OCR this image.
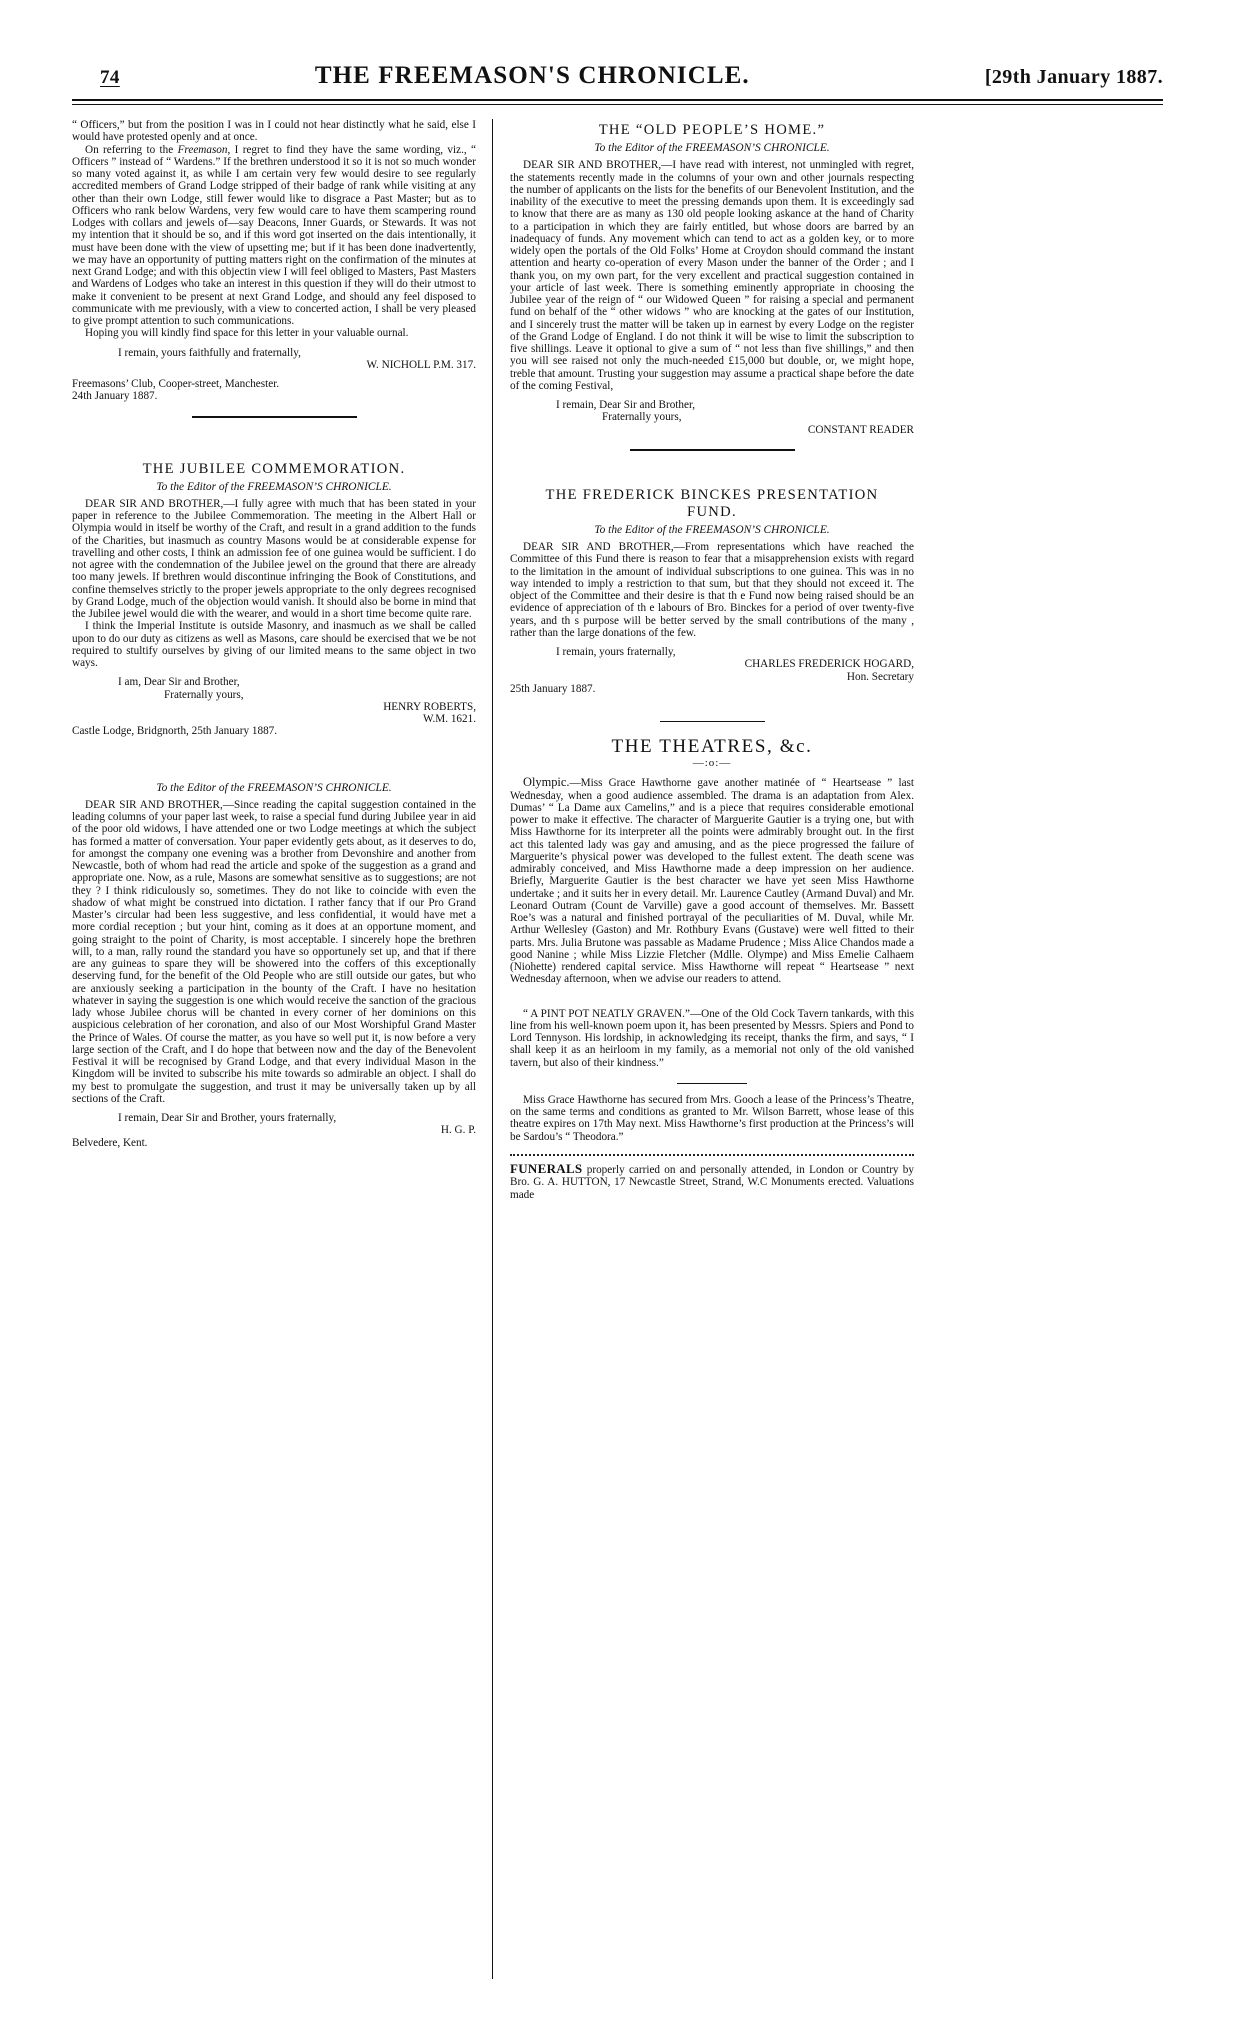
74	THE FREEMASON'S CHRONICLE.	[29th January 1887.

“ Officers,” but from the position I was in I could not hear distinctly what he said, else I would have protested openly and at once.

On referring to the Freemason, I regret to find they have the same wording, viz., “ Officers ” instead of “ Wardens.” If the brethren understood it so it is not so much wonder so many voted against it, as while I am certain very few would desire to see regularly accredited members of Grand Lodge stripped of their badge of rank while visiting at any other than their own Lodge, still fewer would like to disgrace a Past Master; but as to Officers who rank below Wardens, very few would care to have them scampering round Lodges with collars and jewels of—say Deacons, Inner Guards, or Stewards. It was not my intention that it should be so, and if this word got inserted on the dais intentionally, it must have been done with the view of upsetting me; but if it has been done inadvertently, we may have an opportunity of putting matters right on the confirmation of the minutes at next Grand Lodge; and with this objectin view I will feel obliged to Masters, Past Masters and Wardens of Lodges who take an interest in this question if they will do their utmost to make it convenient to be present at next Grand Lodge, and should any feel disposed to communicate with me previously, with a view to concerted action, I shall be very pleased to give prompt attention to such communications.

Hoping you will kindly find space for this letter in your valuable ournal.

I remain, yours faithfully and fraternally,

W. NICHOLL P.M. 317.

Freemasons’ Club, Cooper-street, Manchester.

24th January 1887.

THE JUBILEE COMMEMORATION.
To the Editor of the FREEMASON’S CHRONICLE.

DEAR SIR AND BROTHER,—I fully agree with much that has been stated in your paper in reference to the Jubilee Commemoration. The meeting in the Albert Hall or Olympia would in itself be worthy of the Craft, and result in a grand addition to the funds of the Charities, but inasmuch as country Masons would be at considerable expense for travelling and other costs, I think an admission fee of one guinea would be sufficient. I do not agree with the condemnation of the Jubilee jewel on the ground that there are already too many jewels. If brethren would discontinue infringing the Book of Constitutions, and confine themselves strictly to the proper jewels appropriate to the only degrees recognised by Grand Lodge, much of the objection would vanish. It should also be borne in mind that the Jubilee jewel would die with the wearer, and would in a short time become quite rare.

I think the Imperial Institute is outside Masonry, and inasmuch as we shall be called upon to do our duty as citizens as well as Masons, care should be exercised that we be not required to stultify ourselves by giving of our limited means to the same object in two ways.

I am, Dear Sir and Brother,

Fraternally yours,

HENRY ROBERTS,

W.M. 1621.

Castle Lodge, Bridgnorth, 25th January 1887.

To the Editor of the FREEMASON’S CHRONICLE.

DEAR SIR AND BROTHER,—Since reading the capital suggestion contained in the leading columns of your paper last week, to raise a special fund during Jubilee year in aid of the poor old widows, I have attended one or two Lodge meetings at which the subject has formed a matter of conversation. Your paper evidently gets about, as it deserves to do, for amongst the company one evening was a brother from Devonshire and another from Newcastle, both of whom had read the article and spoke of the suggestion as a grand and appropriate one. Now, as a rule, Masons are somewhat sensitive as to suggestions; are not they ? I think ridiculously so, sometimes. They do not like to coincide with even the shadow of what might be construed into dictation. I rather fancy that if our Pro Grand Master’s circular had been less suggestive, and less confidential, it would have met a more cordial reception ; but your hint, coming as it does at an opportune moment, and going straight to the point of Charity, is most acceptable. I sincerely hope the brethren will, to a man, rally round the standard you have so opportunely set up, and that if there are any guineas to spare they will be showered into the coffers of this exceptionally deserving fund, for the benefit of the Old People who are still outside our gates, but who are anxiously seeking a participation in the bounty of the Craft. I have no hesitation whatever in saying the suggestion is one which would receive the sanction of the gracious lady whose Jubilee chorus will be chanted in every corner of her dominions on this auspicious celebration of her coronation, and also of our Most Worshipful Grand Master the Prince of Wales. Of course the matter, as you have so well put it, is now before a very large section of the Craft, and I do hope that between now and the day of the Benevolent Festival it will be recognised by Grand Lodge, and that every individual Mason in the Kingdom will be invited to subscribe his mite towards so admirable an object. I shall do my best to promulgate the suggestion, and trust it may be universally taken up by all sections of the Craft.

I remain, Dear Sir and Brother, yours fraternally,

H. G. P.

Belvedere, Kent.

THE “OLD PEOPLE’S HOME.”
To the Editor of the FREEMASON’S CHRONICLE.

DEAR SIR AND BROTHER,—I have read with interest, not unmingled with regret, the statements recently made in the columns of your own and other journals respecting the number of applicants on the lists for the benefits of our Benevolent Institution, and the inability of the executive to meet the pressing demands upon them. It is exceedingly sad to know that there are as many as 130 old people looking askance at the hand of Charity to a participation in which they are fairly entitled, but whose doors are barred by an inadequacy of funds. Any movement which can tend to act as a golden key, or to more widely open the portals of the Old Folks’ Home at Croydon should command the instant attention and hearty co-operation of every Mason under the banner of the Order ; and I thank you, on my own part, for the very excellent and practical suggestion contained in your article of last week. There is something eminently appropriate in choosing the Jubilee year of the reign of “ our Widowed Queen ” for raising a special and permanent fund on behalf of the “ other widows ” who are knocking at the gates of our Institution, and I sincerely trust the matter will be taken up in earnest by every Lodge on the register of the Grand Lodge of England. I do not think it will be wise to limit the subscription to five shillings. Leave it optional to give a sum of “ not less than five shillings,” and then you will see raised not only the much-needed £15,000 but double, or, we might hope, treble that amount. Trusting your suggestion may assume a practical shape before the date of the coming Festival,

I remain, Dear Sir and Brother,

Fraternally yours,

CONSTANT READER

THE FREDERICK BINCKES PRESENTATION
FUND.
To the Editor of the FREEMASON’S CHRONICLE.

DEAR SIR AND BROTHER,—From representations which have reached the Committee of this Fund there is reason to fear that a misapprehension exists with regard to the limitation in the amount of individual subscriptions to one guinea. This was in no way intended to imply a restriction to that sum, but that they should not exceed it. The object of the Committee and their desire is that th e Fund now being raised should be an evidence of appreciation of th e labours of Bro. Binckes for a period of over twenty-five years, and th s purpose will be better served by the small contributions of the many , rather than the large donations of the few.

I remain, yours fraternally,

CHARLES FREDERICK HOGARD,

Hon. Secretary

25th January 1887.

THE THEATRES, &c.
—:o:—

Olympic.—Miss Grace Hawthorne gave another matinée of “ Heartsease ” last Wednesday, when a good audience assembled. The drama is an adaptation from Alex. Dumas’ “ La Dame aux Camelins,” and is a piece that requires considerable emotional power to make it effective. The character of Marguerite Gautier is a trying one, but with Miss Hawthorne for its interpreter all the points were admirably brought out. In the first act this talented lady was gay and amusing, and as the piece progressed the failure of Marguerite’s physical power was developed to the fullest extent. The death scene was admirably conceived, and Miss Hawthorne made a deep impression on her audience. Briefly, Marguerite Gautier is the best character we have yet seen Miss Hawthorne undertake ; and it suits her in every detail. Mr. Laurence Cautley (Armand Duval) and Mr. Leonard Outram (Count de Varville) gave a good account of themselves. Mr. Bassett Roe’s was a natural and finished portrayal of the peculiarities of M. Duval, while Mr. Arthur Wellesley (Gaston) and Mr. Rothbury Evans (Gustave) were well fitted to their parts. Mrs. Julia Brutone was passable as Madame Prudence ; Miss Alice Chandos made a good Nanine ; while Miss Lizzie Fletcher (Mdlle. Olympe) and Miss Emelie Calhaem (Niohette) rendered capital service. Miss Hawthorne will repeat “ Heartsease ” next Wednesday afternoon, when we advise our readers to attend.

“ A PINT POT NEATLY GRAVEN.”—One of the Old Cock Tavern tankards, with this line from his well-known poem upon it, has been presented by Messrs. Spiers and Pond to Lord Tennyson. His lordship, in acknowledging its receipt, thanks the firm, and says, “ I shall keep it as an heirloom in my family, as a memorial not only of the old vanished tavern, but also of their kindness.”

Miss Grace Hawthorne has secured from Mrs. Gooch a lease of the Princess’s Theatre, on the same terms and conditions as granted to Mr. Wilson Barrett, whose lease of this theatre expires on 17th May next. Miss Hawthorne’s first production at the Princess’s will be Sardou’s “ Theodora.”

FUNERALS properly carried on and personally attended, in London or Country by Bro. G. A. HUTTON, 17 Newcastle Street, Strand, W.C Monuments erected. Valuations made
